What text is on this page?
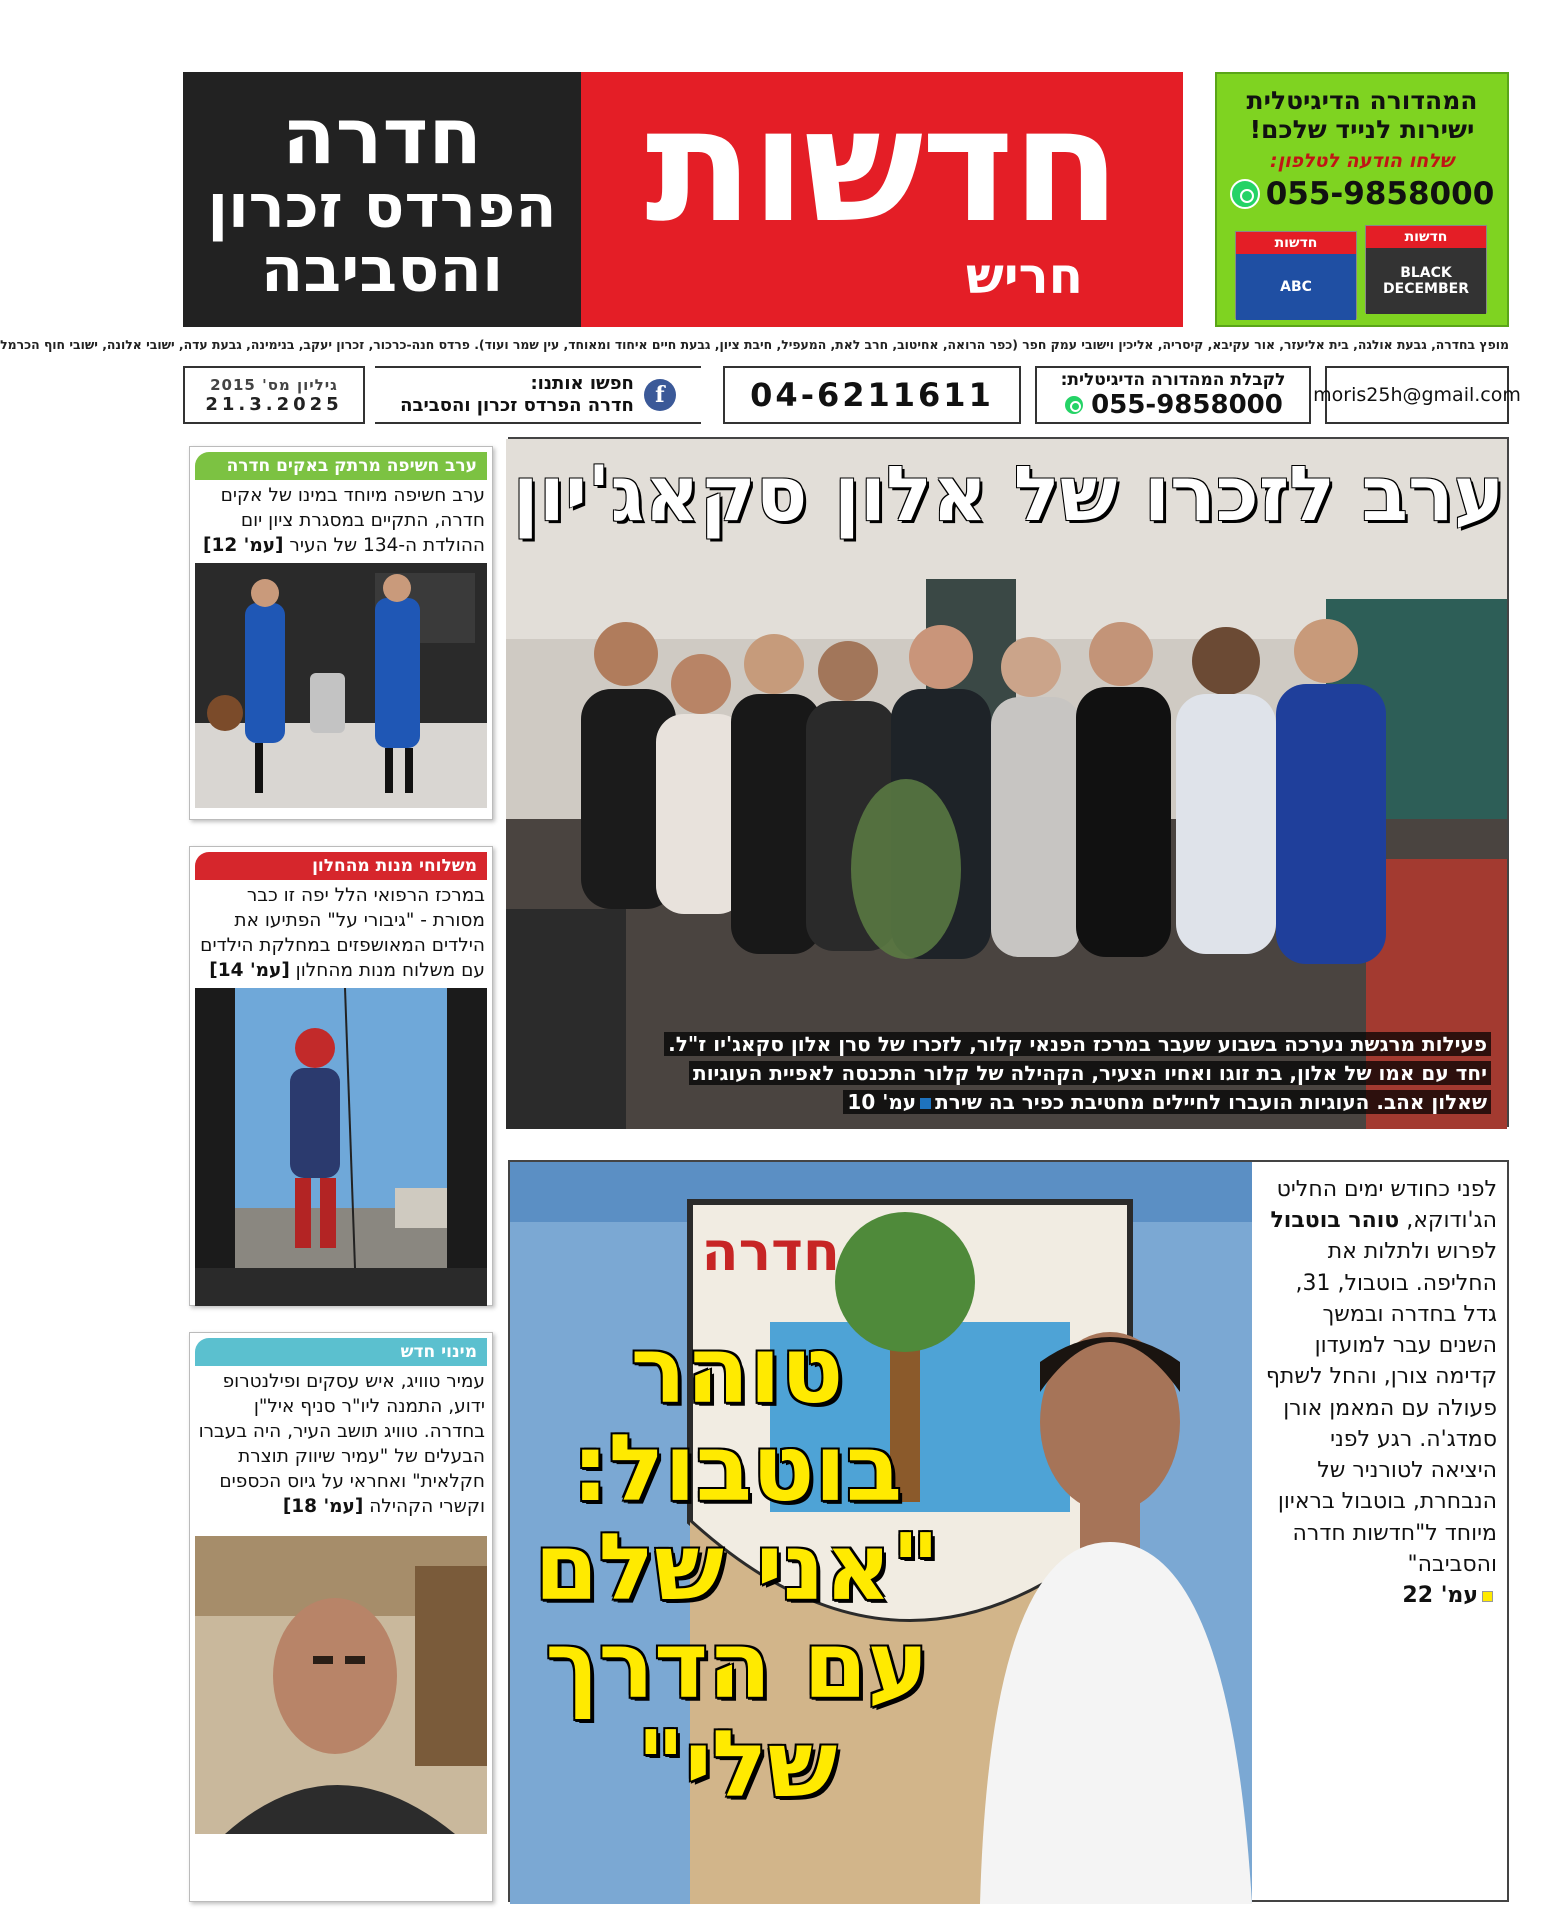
חדרה
הפרדס זכרון
והסביבה
חדשות
חריש
המהדורה הדיגיטלית
ישירות לנייד שלכם!
שלחו הודעה לטלפון:
055-9858000
חדשות
BLACK DECEMBER
חדשות
ABC
מופץ בחדרה, גבעת אולגה, בית אליעזר, אור עקיבא, קיסריה, אליכין וישובי עמק חפר (כפר הרואה, אחיטוב, חרב לאת, המעפיל, חיבת ציון, גבעת חיים איחוד ומאוחד, עין שמר ועוד). פרדס חנה-כרכור, זכרון יעקב, בנימינה, גבעת עדה, ישובי אלונה, ישובי חוף הכרמל
גיליון מס' 2015
21.3.2025	f
חפשו אותנו:
חדרה הפרדס זכרון והסביבה	04-6211611	לקבלת המהדורה הדיגיטלית:
055-9858000 moris25h@gmail.com
ערב חשיפה מרתק באקים חדרה
ערב חשיפה מיוחד במינו של אקים חדרה, התקיים במסגרת ציון יום ההולדת ה-134 של העיר [עמ' 12]
משלוחי מנות מהחלון
במרכז הרפואי הלל יפה זו כבר מסורת - "גיבורי על" הפתיעו את הילדים המאושפזים במחלקת הילדים עם משלוח מנות מהחלון [עמ' 14]
מינוי חדש
עמיר טוויג, איש עסקים ופילנטרופ ידוע, התמנה ליו"ר סניף איל"ן בחדרה. טוויג תושב העיר, היה בעברו הבעלים של "עמיר שיווק תוצרת חקלאית" ואחראי על גיוס הכספים וקשרי הקהילה [עמ' 18]
ערב לזכרו של אלון סקאג'יון
פעילות מרגשת נערכה בשבוע שעבר במרכז הפנאי קלור, לזכרו של סרן אלון סקאג'יו ז"ל.
יחד עם אמו של אלון, בת זוגו ואחיו הצעיר, הקהילה של קלור התכנסה לאפיית העוגיות
שאלון אהב. העוגיות הועברו לחיילים מחטיבת כפיר בה שירתעמ' 10
חדרה
טוהר
בוטבול:
"אני שלם
עם הדרך
שלי"
לפני כחודש ימים החליט הג'ודוקא, טוהר בוטבול לפרוש ולתלות את החליפה. בוטבול, 31, גדל בחדרה ובמשך השנים עבר למועדון קדימה צורן, והחל לשתף פעולה עם המאמן אורן סמדג'ה. רגע לפני היציאה לטורניר של הנבחרת, בוטבול בראיון מיוחד ל"חדשות חדרה והסביבה"
עמ' 22
